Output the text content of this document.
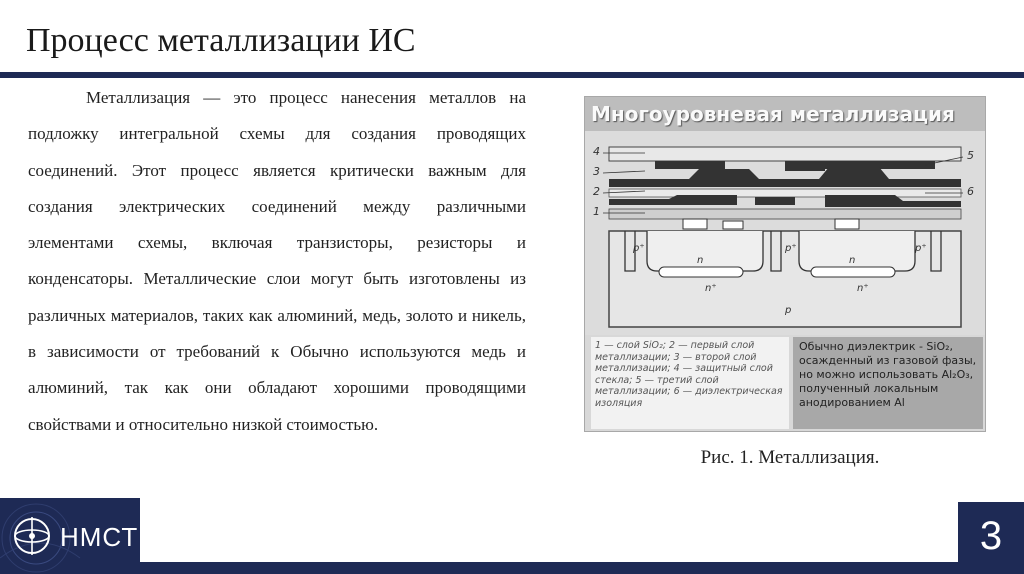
Процесс металлизации ИС

Металлизация — это процесс нанесения металлов на подложку интегральной схемы для создания проводящих соединений. Этот процесс является критически важным для создания электрических соединений между различными элементами схемы, включая транзисторы, резисторы и конденсаторы. Металлические слои могут быть изготовлены из различных материалов, таких как алюминий, медь, золото и никель, в зависимости от требований к Обычно используются медь и алюминий, так как они обладают хорошими проводящими свойствами и относительно низкой стоимостью.

Многоуровневая металлизация
4
3
2
1
5
6
p⁺	p⁺	p⁺
n	n
n⁺	n⁺
p
1 — слой SiO₂; 2 — первый слой металлизации; 3 — второй слой металлизации; 4 — защитный слой стекла; 5 — третий слой металлизации; 6 — диэлектрическая изоляция
Обычно диэлектрик - SiO₂, осажденный из газовой фазы, но можно использовать Al₂O₃, полученный локальным анодированием Al

Рис. 1. Металлизация.

НМСТ	3
